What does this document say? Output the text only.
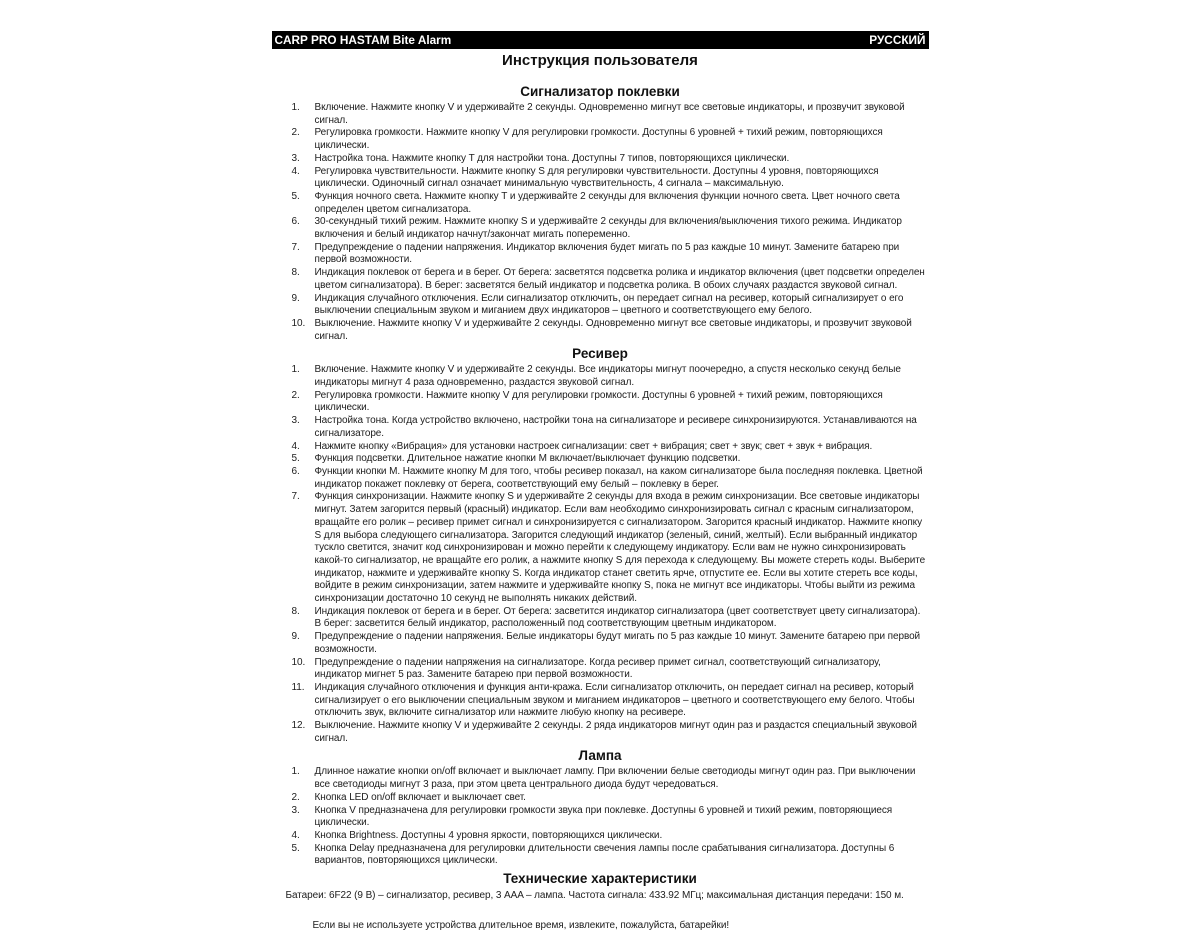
CARP PRO HASTAM Bite Alarm	РУССКИЙ
Инструкция пользователя
Сигнализатор поклевки
1. Включение. Нажмите кнопку V и удерживайте 2 секунды. Одновременно мигнут все световые индикаторы, и прозвучит звуковой сигнал.
2. Регулировка громкости. Нажмите кнопку V для регулировки громкости. Доступны 6 уровней + тихий режим, повторяющихся циклически.
3. Настройка тона. Нажмите кнопку T для настройки тона. Доступны 7 типов, повторяющихся циклически.
4. Регулировка чувствительности. Нажмите кнопку S для регулировки чувствительности. Доступны 4 уровня, повторяющихся циклически. Одиночный сигнал означает минимальную чувствительность, 4 сигнала – максимальную.
5. Функция ночного света. Нажмите кнопку T и удерживайте 2 секунды для включения функции ночного света. Цвет ночного света определен цветом сигнализатора.
6. 30-секундный тихий режим. Нажмите кнопку S и удерживайте 2 секунды для включения/выключения тихого режима. Индикатор включения и белый индикатор начнут/закончат мигать попеременно.
7. Предупреждение о падении напряжения. Индикатор включения будет мигать по 5 раз каждые 10 минут. Замените батарею при первой возможности.
8. Индикация поклевок от берега и в берег. От берега: засветятся подсветка ролика и индикатор включения (цвет подсветки определен цветом сигнализатора). В берег: засветятся белый индикатор и подсветка ролика. В обоих случаях раздастся звуковой сигнал.
9. Индикация случайного отключения. Если сигнализатор отключить, он передает сигнал на ресивер, который сигнализирует о его выключении специальным звуком и миганием двух индикаторов – цветного и соответствующего ему белого.
10. Выключение. Нажмите кнопку V и удерживайте 2 секунды. Одновременно мигнут все световые индикаторы, и прозвучит звуковой сигнал.
Ресивер
1. Включение. Нажмите кнопку V и удерживайте 2 секунды. Все индикаторы мигнут поочередно, а спустя несколько секунд белые индикаторы мигнут 4 раза одновременно, раздастся звуковой сигнал.
2. Регулировка громкости. Нажмите кнопку V для регулировки громкости. Доступны 6 уровней + тихий режим, повторяющихся циклически.
3. Настройка тона. Когда устройство включено, настройки тона на сигнализаторе и ресивере синхронизируются. Устанавливаются на сигнализаторе.
4. Нажмите кнопку «Вибрация» для установки настроек сигнализации: свет + вибрация; свет + звук; свет + звук + вибрация.
5. Функция подсветки. Длительное нажатие кнопки M включает/выключает функцию подсветки.
6. Функции кнопки M. Нажмите кнопку M для того, чтобы ресивер показал, на каком сигнализаторе была последняя поклевка. Цветной индикатор покажет поклевку от берега, соответствующий ему белый – поклевку в берег.
7. Функция синхронизации. Нажмите кнопку S и удерживайте 2 секунды для входа в режим синхронизации. Все световые индикаторы мигнут. Затем загорится первый (красный) индикатор. Если вам необходимо синхронизировать сигнал с красным сигнализатором, вращайте его ролик – ресивер примет сигнал и синхронизируется с сигнализатором. Загорится красный индикатор. Нажмите кнопку S для выбора следующего сигнализатора. Загорится следующий индикатор (зеленый, синий, желтый). Если выбранный индикатор тускло светится, значит код синхронизирован и можно перейти к следующему индикатору. Если вам не нужно синхронизировать какой-то сигнализатор, не вращайте его ролик, а нажмите кнопку S для перехода к следующему. Вы можете стереть коды. Выберите индикатор, нажмите и удерживайте кнопку S. Когда индикатор станет светить ярче, отпустите ее. Если вы хотите стереть все коды, войдите в режим синхронизации, затем нажмите и удерживайте кнопку S, пока не мигнут все индикаторы. Чтобы выйти из режима синхронизации достаточно 10 секунд не выполнять никаких действий.
8. Индикация поклевок от берега и в берег. От берега: засветится индикатор сигнализатора (цвет соответствует цвету сигнализатора). В берег: засветится белый индикатор, расположенный под соответствующим цветным индикатором.
9. Предупреждение о падении напряжения. Белые индикаторы будут мигать по 5 раз каждые 10 минут. Замените батарею при первой возможности.
10. Предупреждение о падении напряжения на сигнализаторе. Когда ресивер примет сигнал, соответствующий сигнализатору, индикатор мигнет 5 раз. Замените батарею при первой возможности.
11. Индикация случайного отключения и функция анти-кража. Если сигнализатор отключить, он передает сигнал на ресивер, который сигнализирует о его выключении специальным звуком и миганием индикаторов – цветного и соответствующего ему белого. Чтобы отключить звук, включите сигнализатор или нажмите любую кнопку на ресивере.
12. Выключение. Нажмите кнопку V и удерживайте 2 секунды. 2 ряда индикаторов мигнут один раз и раздастся специальный звуковой сигнал.
Лампа
1. Длинное нажатие кнопки on/off включает и выключает лампу. При включении белые светодиоды мигнут один раз. При выключении все светодиоды мигнут 3 раза, при этом цвета центрального диода будут чередоваться.
2. Кнопка LED on/off включает и выключает свет.
3. Кнопка V предназначена для регулировки громкости звука при поклевке. Доступны 6 уровней и тихий режим, повторяющиеся циклически.
4. Кнопка Brightness. Доступны 4 уровня яркости, повторяющихся циклически.
5. Кнопка Delay предназначена для регулировки длительности свечения лампы после срабатывания сигнализатора. Доступны 6 вариантов, повторяющихся циклически.
Технические характеристики

Батареи: 6F22 (9 В) – сигнализатор, ресивер, 3 AAA – лампа. Частота сигнала: 433.92 МГц; максимальная дистанция передачи: 150 м.

Если вы не используете устройства длительное время, извлеките, пожалуйста, батарейки!
